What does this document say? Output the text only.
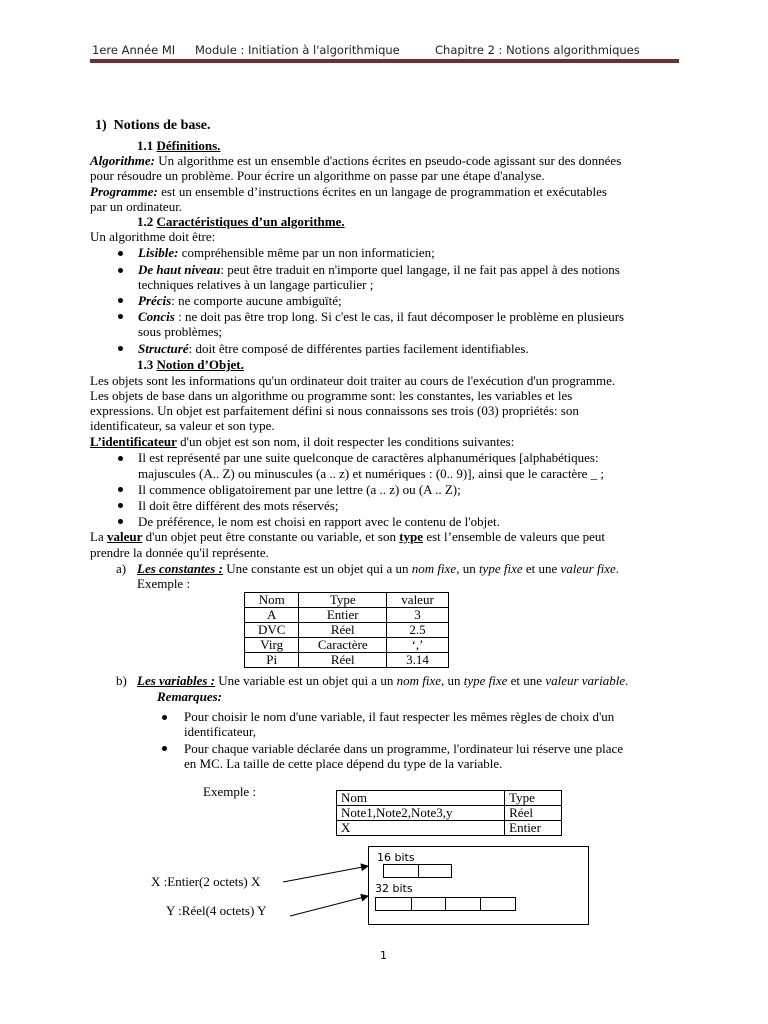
1ere Année MI Module : Initiation à l'algorithmique	Chapitre 2 : Notions algorithmiques
1) Notions de base.
1.1 Définitions.
Algorithme: Un algorithme est un ensemble d'actions écrites en pseudo-code agissant sur des données
pour résoudre un problème. Pour écrire un algorithme on passe par une étape d'analyse.
Programme: est un ensemble d’instructions écrites en un langage de programmation et exécutables
par un ordinateur.
1.2 Caractéristiques d’un algorithme.
Un algorithme doit être:
Lisible: compréhensible même par un non informaticien;
De haut niveau: peut être traduit en n'importe quel langage, il ne fait pas appel à des notions
techniques relatives à un langage particulier ;
Précis: ne comporte aucune ambiguïté;
Concis : ne doit pas être trop long. Si c'est le cas, il faut décomposer le problème en plusieurs
sous problèmes;
Structuré: doit être composé de différentes parties facilement identifiables.
1.3 Notion d’Objet.
Les objets sont les informations qu'un ordinateur doit traiter au cours de l'exécution d'un programme.
Les objets de base dans un algorithme ou programme sont: les constantes, les variables et les
expressions. Un objet est parfaitement défini si nous connaissons ses trois (03) propriétés: son
identificateur, sa valeur et son type.
L’identificateur d'un objet est son nom, il doit respecter les conditions suivantes:
Il est représenté par une suite quelconque de caractères alphanumériques [alphabétiques:
majuscules (A.. Z) ou minuscules (a .. z) et numériques : (0.. 9)], ainsi que le caractère _ ;
Il commence obligatoirement par une lettre (a .. z) ou (A .. Z);
Il doit être différent des mots réservés;
De préférence, le nom est choisi en rapport avec le contenu de l'objet.
La valeur d'un objet peut être constante ou variable, et son type est l’ensemble de valeurs que peut
prendre la donnée qu'il représente.
a) Les constantes : Une constante est un objet qui a un nom fixe, un type fixe et une valeur fixe.
Exemple :
Nom	Type	valeur
A	Entier	3
DVC	Réel	2.5
Virg	Caractère	‘,’
Pi	Réel	3.14
b) Les variables : Une variable est un objet qui a un nom fixe, un type fixe et une valeur variable.
Remarques:
Pour choisir le nom d'une variable, il faut respecter les mêmes règles de choix d'un
identificateur,
Pour chaque variable déclarée dans un programme, l'ordinateur lui réserve une place
en MC. La taille de cette place dépend du type de la variable.
Exemple :	Nom	Type
Note1,Note2,Note3,y	Réel
X	Entier
X :Entier(2 octets) X
Y :Réel(4 octets) Y
16 bits
32 bits
1
